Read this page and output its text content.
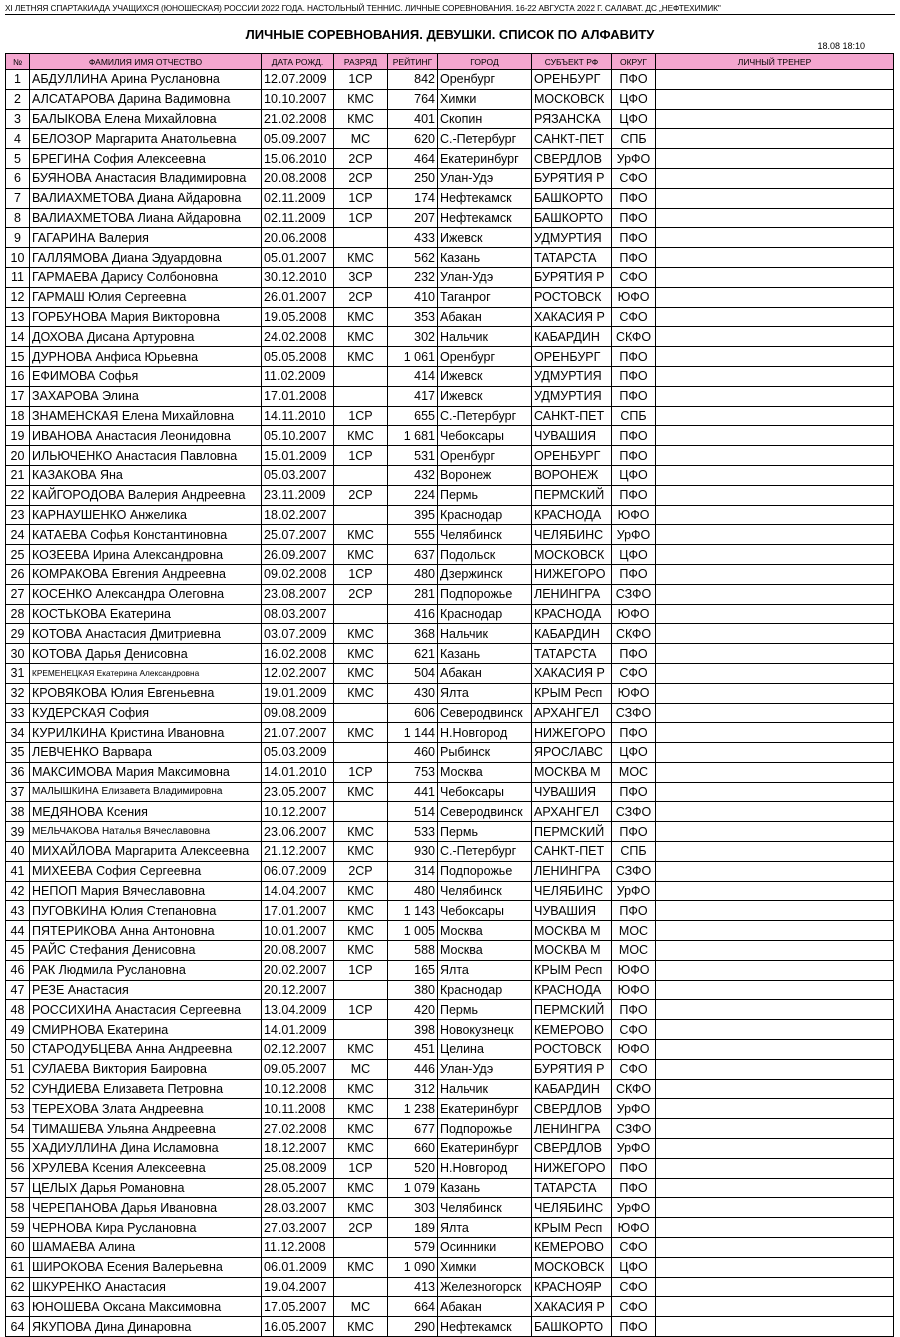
XI ЛЕТНЯЯ СПАРТАКИАДА УЧАЩИХСЯ (ЮНОШЕСКАЯ) РОССИИ 2022 ГОДА. НАСТОЛЬНЫЙ ТЕННИС. ЛИЧНЫЕ СОРЕВНОВАНИЯ. 16-22 АВГУСТА 2022 Г. САЛАВАТ. ДС „НЕФТЕХИМИК"
ЛИЧНЫЕ СОРЕВНОВАНИЯ. ДЕВУШКИ. СПИСОК ПО АЛФАВИТУ
18.08 18:10
№	ФАМИЛИЯ ИМЯ ОТЧЕСТВО	ДАТА РОЖД.	РАЗРЯД	РЕЙТИНГ	ГОРОД	СУБЪЕКТ РФ	ОКРУГ	ЛИЧНЫЙ ТРЕНЕР
1	АБДУЛЛИНА Арина Руслановна	12.07.2009	1СР	842	Оренбург	ОРЕНБУРГ	ПФО	
2	АЛСАТАРОВА Дарина Вадимовна	10.10.2007	КМС	764	Химки	МОСКОВСК	ЦФО	
3	БАЛЫКОВА Елена Михайловна	21.02.2008	КМС	401	Скопин	РЯЗАНСКА	ЦФО	
4	БЕЛОЗОР Маргарита Анатольевна	05.09.2007	МС	620	С.-Петербург	САНКТ-ПЕТ	СПБ	
5	БРЕГИНА София Алексеевна	15.06.2010	2СР	464	Екатеринбург	СВЕРДЛОВ	УрФО	
6	БУЯНОВА Анастасия Владимировна	20.08.2008	2СР	250	Улан-Удэ	БУРЯТИЯ Р	СФО	
7	ВАЛИАХМЕТОВА Диана Айдаровна	02.11.2009	1СР	174	Нефтекамск	БАШКОРТО	ПФО	
8	ВАЛИАХМЕТОВА Лиана Айдаровна	02.11.2009	1СР	207	Нефтекамск	БАШКОРТО	ПФО	
9	ГАГАРИНА Валерия	20.06.2008		433	Ижевск	УДМУРТИЯ	ПФО	
10	ГАЛЛЯМОВА Диана Эдуардовна	05.01.2007	КМС	562	Казань	ТАТАРСТА	ПФО	
11	ГАРМАЕВА Дарису Солбоновна	30.12.2010	3СР	232	Улан-Удэ	БУРЯТИЯ Р	СФО	
12	ГАРМАШ Юлия Сергеевна	26.01.2007	2СР	410	Таганрог	РОСТОВСК	ЮФО	
13	ГОРБУНОВА Мария Викторовна	19.05.2008	КМС	353	Абакан	ХАКАСИЯ Р	СФО	
14	ДОХОВА Дисана Артуровна	24.02.2008	КМС	302	Нальчик	КАБАРДИН	СКФО	
15	ДУРНОВА Анфиса Юрьевна	05.05.2008	КМС	1 061	Оренбург	ОРЕНБУРГ	ПФО	
16	ЕФИМОВА Софья	11.02.2009		414	Ижевск	УДМУРТИЯ	ПФО	
17	ЗАХАРОВА Элина	17.01.2008		417	Ижевск	УДМУРТИЯ	ПФО	
18	ЗНАМЕНСКАЯ Елена Михайловна	14.11.2010	1СР	655	С.-Петербург	САНКТ-ПЕТ	СПБ	
19	ИВАНОВА Анастасия Леонидовна	05.10.2007	КМС	1 681	Чебоксары	ЧУВАШИЯ	ПФО	
20	ИЛЬЮЧЕНКО Анастасия Павловна	15.01.2009	1СР	531	Оренбург	ОРЕНБУРГ	ПФО	
21	КАЗАКОВА Яна	05.03.2007		432	Воронеж	ВОРОНЕЖ	ЦФО	
22	КАЙГОРОДОВА Валерия Андреевна	23.11.2009	2СР	224	Пермь	ПЕРМСКИЙ	ПФО	
23	КАРНАУШЕНКО Анжелика	18.02.2007		395	Краснодар	КРАСНОДА	ЮФО	
24	КАТАЕВА Софья Константиновна	25.07.2007	КМС	555	Челябинск	ЧЕЛЯБИНС	УрФО	
25	КОЗЕЕВА Ирина Александровна	26.09.2007	КМС	637	Подольск	МОСКОВСК	ЦФО	
26	КОМРАКОВА Евгения Андреевна	09.02.2008	1СР	480	Дзержинск	НИЖЕГОРО	ПФО	
27	КОСЕНКО Александра Олеговна	23.08.2007	2СР	281	Подпорожье	ЛЕНИНГРА	СЗФО	
28	КОСТЬКОВА Екатерина	08.03.2007		416	Краснодар	КРАСНОДА	ЮФО	
29	КОТОВА Анастасия Дмитриевна	03.07.2009	КМС	368	Нальчик	КАБАРДИН	СКФО	
30	КОТОВА Дарья Денисовна	16.02.2008	КМС	621	Казань	ТАТАРСТА	ПФО	
31	КРЕМЕНЕЦКАЯ Екатерина Александровна	12.02.2007	КМС	504	Абакан	ХАКАСИЯ Р	СФО	
32	КРОВЯКОВА Юлия Евгеньевна	19.01.2009	КМС	430	Ялта	КРЫМ Респ	ЮФО	
33	КУДЕРСКАЯ София	09.08.2009		606	Северодвинск	АРХАНГЕЛ	СЗФО	
34	КУРИЛКИНА Кристина Ивановна	21.07.2007	КМС	1 144	Н.Новгород	НИЖЕГОРО	ПФО	
35	ЛЕВЧЕНКО Варвара	05.03.2009		460	Рыбинск	ЯРОСЛАВС	ЦФО	
36	МАКСИМОВА Мария Максимовна	14.01.2010	1СР	753	Москва	МОСКВА М	МОС	
37	МАЛЫШКИНА Елизавета Владимировна	23.05.2007	КМС	441	Чебоксары	ЧУВАШИЯ	ПФО	
38	МЕДЯНОВА Ксения	10.12.2007		514	Северодвинск	АРХАНГЕЛ	СЗФО	
39	МЕЛЬЧАКОВА Наталья Вячеславовна	23.06.2007	КМС	533	Пермь	ПЕРМСКИЙ	ПФО	
40	МИХАЙЛОВА Маргарита Алексеевна	21.12.2007	КМС	930	С.-Петербург	САНКТ-ПЕТ	СПБ	
41	МИХЕЕВА София Сергеевна	06.07.2009	2СР	314	Подпорожье	ЛЕНИНГРА	СЗФО	
42	НЕПОП Мария Вячеславовна	14.04.2007	КМС	480	Челябинск	ЧЕЛЯБИНС	УрФО	
43	ПУГОВКИНА Юлия Степановна	17.01.2007	КМС	1 143	Чебоксары	ЧУВАШИЯ	ПФО	
44	ПЯТЕРИКОВА Анна Антоновна	10.01.2007	КМС	1 005	Москва	МОСКВА М	МОС	
45	РАЙС Стефания Денисовна	20.08.2007	КМС	588	Москва	МОСКВА М	МОС	
46	РАК Людмила Руслановна	20.02.2007	1СР	165	Ялта	КРЫМ Респ	ЮФО	
47	РЕЗЕ Анастасия	20.12.2007		380	Краснодар	КРАСНОДА	ЮФО	
48	РОССИХИНА Анастасия Сергеевна	13.04.2009	1СР	420	Пермь	ПЕРМСКИЙ	ПФО	
49	СМИРНОВА Екатерина	14.01.2009		398	Новокузнецк	КЕМЕРОВО	СФО	
50	СТАРОДУБЦЕВА Анна Андреевна	02.12.2007	КМС	451	Целина	РОСТОВСК	ЮФО	
51	СУЛАЕВА Виктория Баировна	09.05.2007	МС	446	Улан-Удэ	БУРЯТИЯ Р	СФО	
52	СУНДИЕВА Елизавета Петровна	10.12.2008	КМС	312	Нальчик	КАБАРДИН	СКФО	
53	ТЕРЕХОВА Злата Андреевна	10.11.2008	КМС	1 238	Екатеринбург	СВЕРДЛОВ	УрФО	
54	ТИМАШЕВА Ульяна Андреевна	27.02.2008	КМС	677	Подпорожье	ЛЕНИНГРА	СЗФО	
55	ХАДИУЛЛИНА Дина Исламовна	18.12.2007	КМС	660	Екатеринбург	СВЕРДЛОВ	УрФО	
56	ХРУЛЕВА Ксения Алексеевна	25.08.2009	1СР	520	Н.Новгород	НИЖЕГОРО	ПФО	
57	ЦЕЛЫХ Дарья Романовна	28.05.2007	КМС	1 079	Казань	ТАТАРСТА	ПФО	
58	ЧЕРЕПАНОВА Дарья Ивановна	28.03.2007	КМС	303	Челябинск	ЧЕЛЯБИНС	УрФО	
59	ЧЕРНОВА Кира Руслановна	27.03.2007	2СР	189	Ялта	КРЫМ Респ	ЮФО	
60	ШАМАЕВА Алина	11.12.2008		579	Осинники	КЕМЕРОВО	СФО	
61	ШИРОКОВА Есения Валерьевна	06.01.2009	КМС	1 090	Химки	МОСКОВСК	ЦФО	
62	ШКУРЕНКО Анастасия	19.04.2007		413	Железногорск	КРАСНОЯР	СФО	
63	ЮНОШЕВА Оксана Максимовна	17.05.2007	МС	664	Абакан	ХАКАСИЯ Р	СФО	
64	ЯКУПОВА Дина Динаровна	16.05.2007	КМС	290	Нефтекамск	БАШКОРТО	ПФО	
